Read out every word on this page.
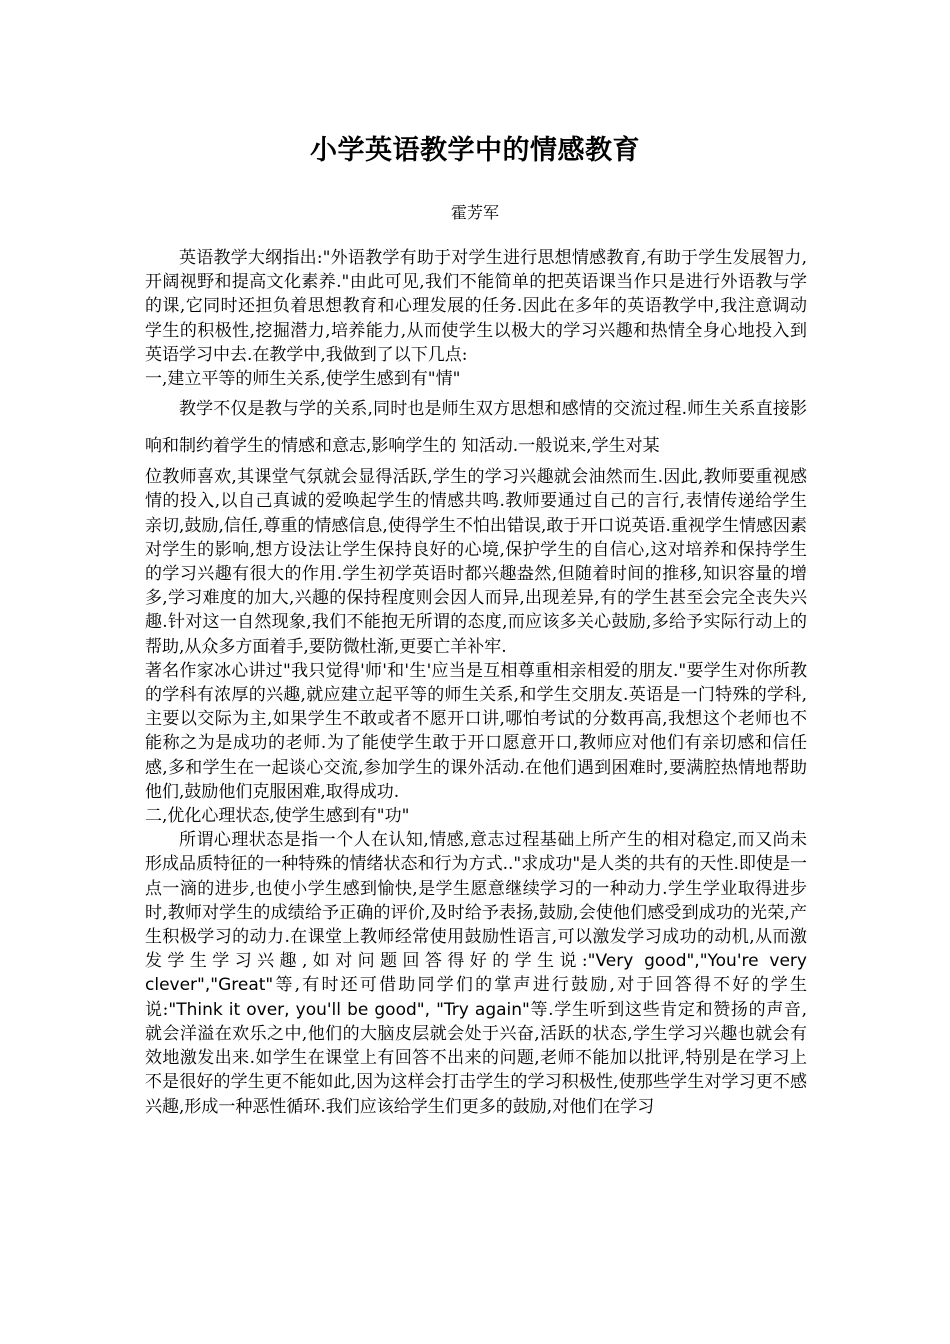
小学英语教学中的情感教育
霍芳军

英语教学大纲指出:"外语教学有助于对学生进行思想情感教育,有助于学生发展智力,开阔视野和提高文化素养."由此可见,我们不能简单的把英语课当作只是进行外语教与学的课,它同时还担负着思想教育和心理发展的任务.因此在多年的英语教学中,我注意调动学生的积极性,挖掘潜力,培养能力,从而使学生以极大的学习兴趣和热情全身心地投入到英语学习中去.在教学中,我做到了以下几点:

一,建立平等的师生关系,使学生感到有"情"

教学不仅是教与学的关系,同时也是师生双方思想和感情的交流过程.师生关系直接影响和制约着学生的情感和意志,影响学生的 知活动.一般说来,学生对某

位教师喜欢,其课堂气氛就会显得活跃,学生的学习兴趣就会油然而生.因此,教师要重视感情的投入,以自己真诚的爱唤起学生的情感共鸣.教师要通过自己的言行,表情传递给学生亲切,鼓励,信任,尊重的情感信息,使得学生不怕出错误,敢于开口说英语.重视学生情感因素对学生的影响,想方设法让学生保持良好的心境,保护学生的自信心,这对培养和保持学生的学习兴趣有很大的作用.学生初学英语时都兴趣盎然,但随着时间的推移,知识容量的增多,学习难度的加大,兴趣的保持程度则会因人而异,出现差异,有的学生甚至会完全丧失兴趣.针对这一自然现象,我们不能抱无所谓的态度,而应该多关心鼓励,多给予实际行动上的帮助,从众多方面着手,要防微杜渐,更要亡羊补牢.

著名作家冰心讲过"我只觉得'师'和'生'应当是互相尊重相亲相爱的朋友."要学生对你所教的学科有浓厚的兴趣,就应建立起平等的师生关系,和学生交朋友.英语是一门特殊的学科,主要以交际为主,如果学生不敢或者不愿开口讲,哪怕考试的分数再高,我想这个老师也不能称之为是成功的老师.为了能使学生敢于开口愿意开口,教师应对他们有亲切感和信任感,多和学生在一起谈心交流,参加学生的课外活动.在他们遇到困难时,要满腔热情地帮助他们,鼓励他们克服困难,取得成功.

二,优化心理状态,使学生感到有"功"

所谓心理状态是指一个人在认知,情感,意志过程基础上所产生的相对稳定,而又尚未形成品质特征的一种特殊的情绪状态和行为方式.."求成功"是人类的共有的天性.即使是一点一滴的进步,也使小学生感到愉快,是学生愿意继续学习的一种动力.学生学业取得进步时,教师对学生的成绩给予正确的评价,及时给予表扬,鼓励,会使他们感受到成功的光荣,产生积极学习的动力.在课堂上教师经常使用鼓励性语言,可以激发学习成功的动机,从而激发学生学习兴趣,如对问题回答得好的学生说:"Very good","You're very clever","Great"等,有时还可借助同学们的掌声进行鼓励,对于回答得不好的学生说:"Think it over, you'll be good", "Try again"等.学生听到这些肯定和赞扬的声音,就会洋溢在欢乐之中,他们的大脑皮层就会处于兴奋,活跃的状态,学生学习兴趣也就会有效地激发出来.如学生在课堂上有回答不出来的问题,老师不能加以批评,特别是在学习上不是很好的学生更不能如此,因为这样会打击学生的学习积极性,使那些学生对学习更不感兴趣,形成一种恶性循环.我们应该给学生们更多的鼓励,对他们在学习
